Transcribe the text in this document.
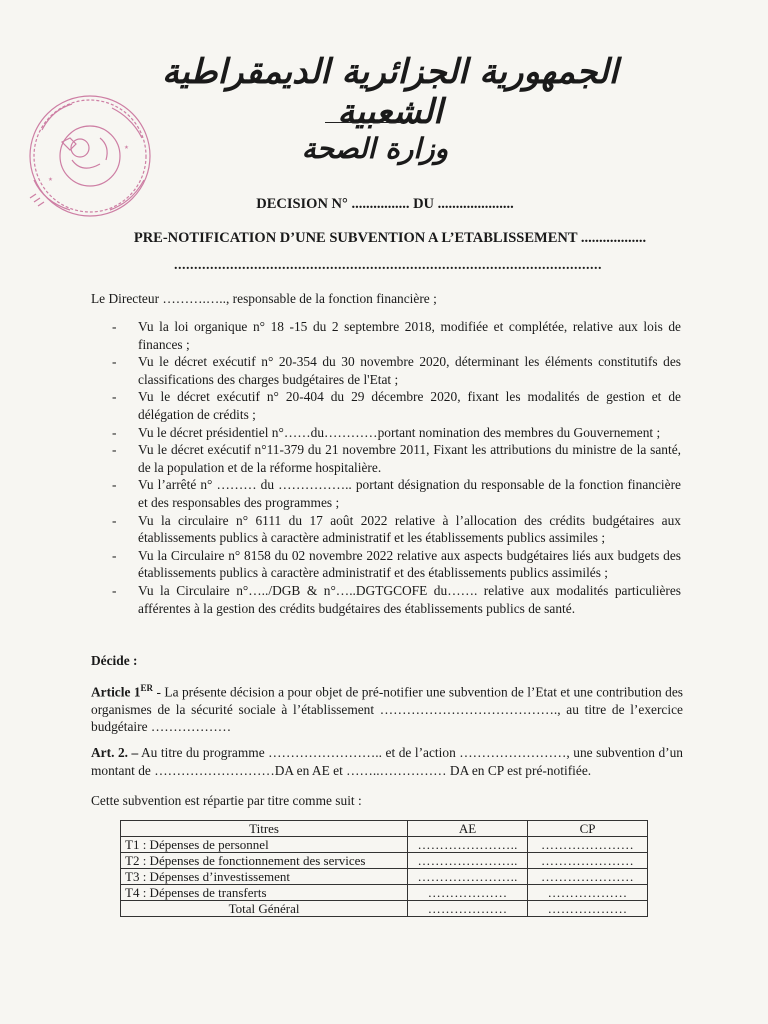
٭
٭
الجمهورية الجزائرية الديمقراطية الشعبية
وزارة الصحة
DECISION N° ................ DU .....................
PRE-NOTIFICATION D’UNE SUBVENTION A L’ETABLISSEMENT ..................
...........................................................................................................
Le Directeur ……….….., responsable de la fonction financière ;
- Vu la loi organique n° 18 -15 du 2 septembre 2018, modifiée et complétée, relative aux lois de finances ;
- Vu le décret exécutif n° 20-354 du 30 novembre 2020, déterminant les éléments constitutifs des classifications des charges budgétaires de l'Etat ;
- Vu le décret exécutif n° 20-404 du 29 décembre 2020, fixant les modalités de gestion et de délégation de crédits ;
- Vu le décret présidentiel n°……du…………portant nomination des membres du Gouvernement ;
- Vu le décret exécutif n°11-379 du 21 novembre 2011, Fixant les attributions du ministre de la santé, de la population et de la réforme hospitalière.
- Vu l’arrêté n° ……… du …………….. portant désignation du responsable de la fonction financière et des responsables des programmes ;
- Vu la circulaire n° 6111 du 17 août 2022 relative à l’allocation des crédits budgétaires aux établissements publics à caractère administratif et les établissements publics assimiles ;
- Vu la Circulaire n° 8158 du 02 novembre 2022 relative aux aspects budgétaires liés aux budgets des établissements publics à caractère administratif et des établissements publics assimilés ;
- Vu la Circulaire n°…../DGB & n°…..DGTGCOFE du……. relative aux modalités particulières afférentes à la gestion des crédits budgétaires des établissements publics de santé.
Décide :
Article 1ER - La présente décision a pour objet de pré-notifier une subvention de l’Etat et une contribution des organismes de la sécurité sociale à l’établissement …………………………………., au titre de l’exercice budgétaire ………………
Art. 2. – Au titre du programme …………………….. et de l’action ……………………, une subvention d’un montant de ………………………DA en AE et ……..…………… DA en CP est pré-notifiée.
Cette subvention est répartie par titre comme suit :
Titres	AE	CP
T1 : Dépenses de personnel	…………………..	…………………
T2 : Dépenses de fonctionnement des services	…………………..	…………………
T3 : Dépenses d’investissement	…………………..	…………………
T4 : Dépenses de transferts	………………	………………
Total Général	………………	………………
